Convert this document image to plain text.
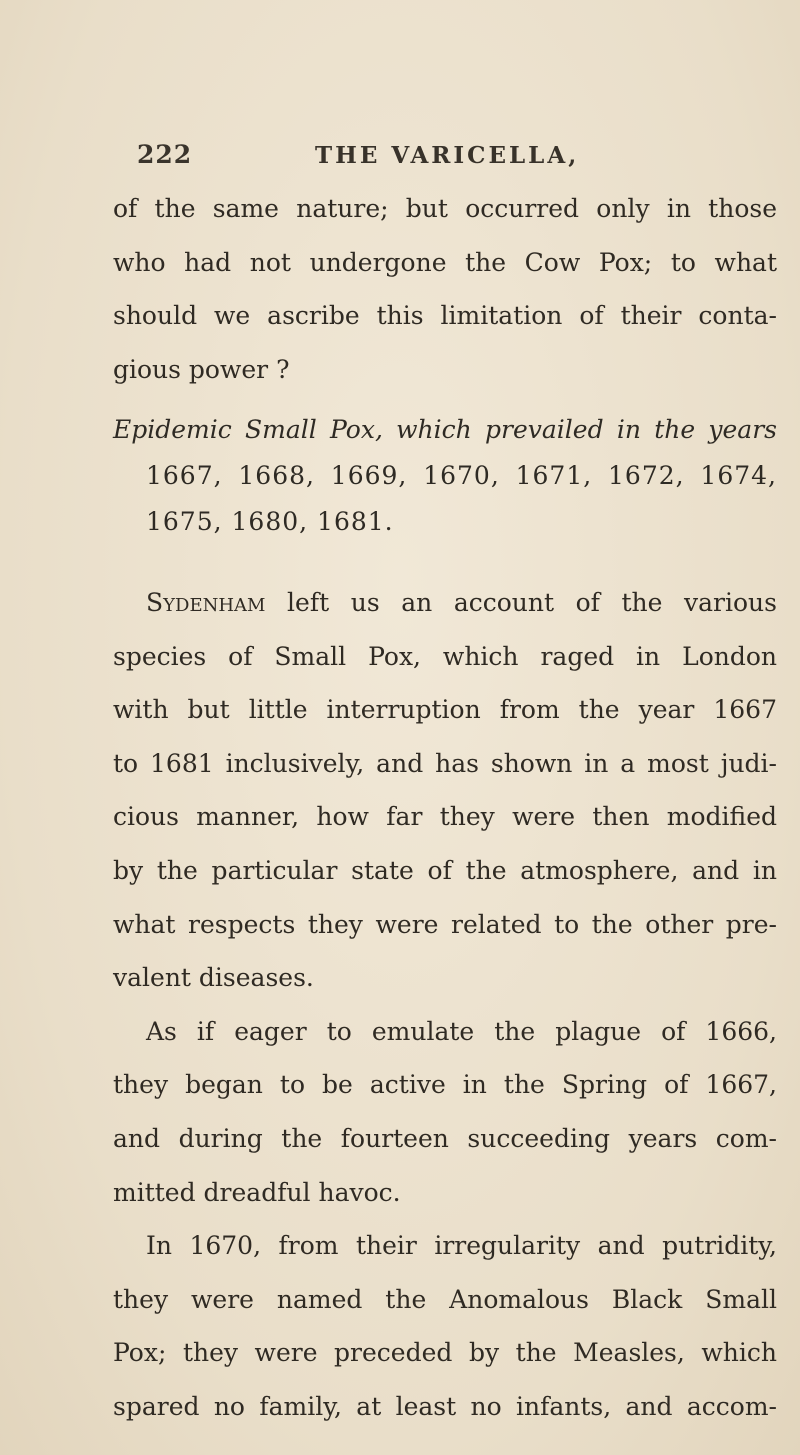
222	THE VARICELLA,
of the same nature; but occurred only in those
who had not undergone the Cow Pox; to what
should we ascribe this limitation of their conta-
gious power ?
Epidemic Small Pox, which prevailed in the years
1667, 1668, 1669, 1670, 1671, 1672, 1674,
1675, 1680, 1681.
Sydenham left us an account of the various
species of Small Pox, which raged in London
with but little interruption from the year 1667
to 1681 inclusively, and has shown in a most judi-
cious manner, how far they were then modified
by the particular state of the atmosphere, and in
what respects they were related to the other pre-
valent diseases.
As if eager to emulate the plague of 1666,
they began to be active in the Spring of 1667,
and during the fourteen succeeding years com-
mitted dreadful havoc.
In 1670, from their irregularity and putridity,
they were named the Anomalous Black Small
Pox; they were preceded by the Measles, which
spared no family, at least no infants, and accom-
